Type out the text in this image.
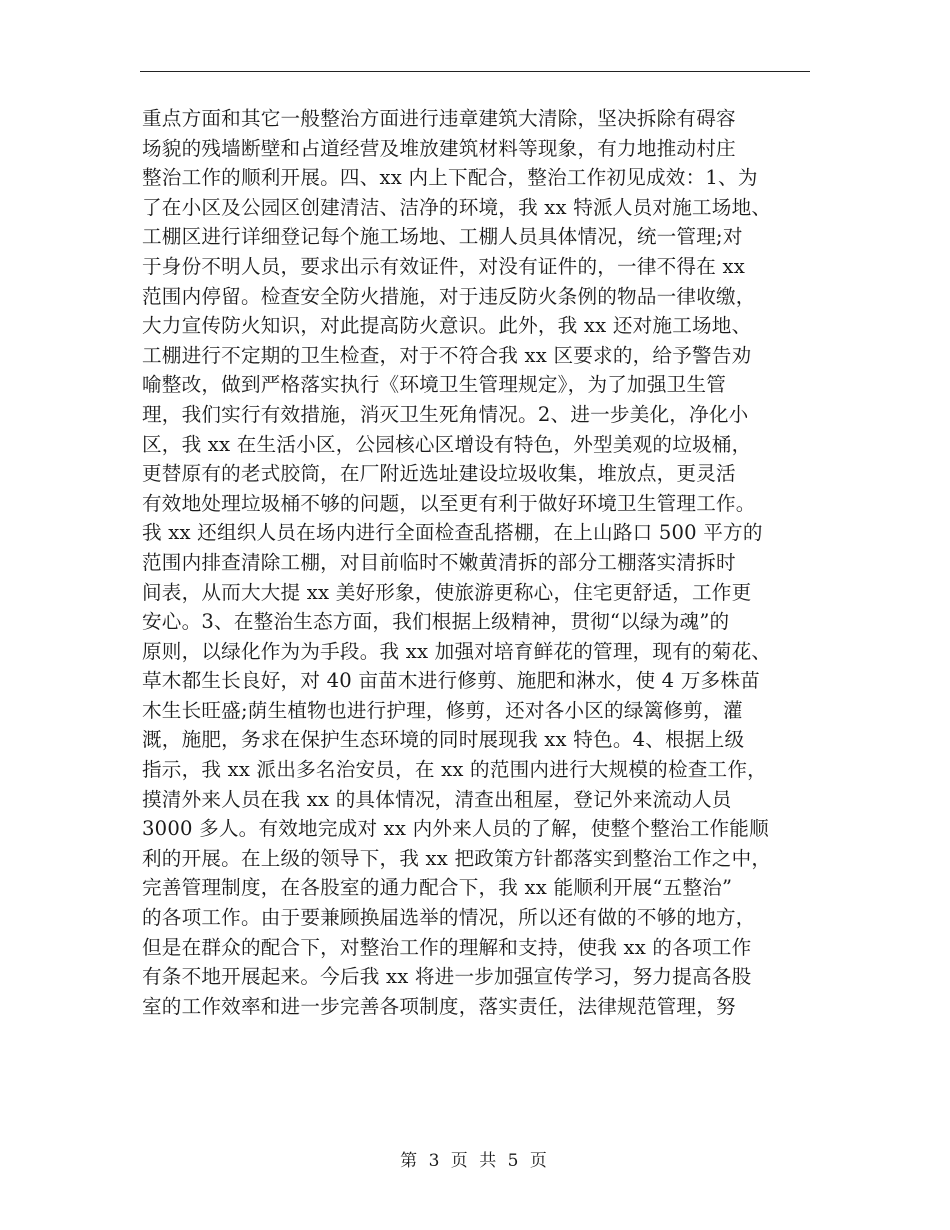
重点方面和其它一般整治方面进行违章建筑大清除，坚决拆除有碍容
场貌的残墙断壁和占道经营及堆放建筑材料等现象，有力地推动村庄
整治工作的顺利开展。四、xx 内上下配合，整治工作初见成效：1、为
了在小区及公园区创建清洁、洁净的环境，我 xx 特派人员对施工场地、
工棚区进行详细登记每个施工场地、工棚人员具体情况，统一管理;对
于身份不明人员，要求出示有效证件，对没有证件的，一律不得在 xx
范围内停留。检查安全防火措施，对于违反防火条例的物品一律收缴，
大力宣传防火知识，对此提高防火意识。此外，我 xx 还对施工场地、
工棚进行不定期的卫生检查，对于不符合我 xx 区要求的，给予警告劝
喻整改，做到严格落实执行《环境卫生管理规定》，为了加强卫生管
理，我们实行有效措施，消灭卫生死角情况。2、进一步美化，净化小
区，我 xx 在生活小区，公园核心区增设有特色，外型美观的垃圾桶，
更替原有的老式胶筒，在厂附近选址建设垃圾收集，堆放点，更灵活
有效地处理垃圾桶不够的问题，以至更有利于做好环境卫生管理工作。
我 xx 还组织人员在场内进行全面检查乱搭棚，在上山路口 500 平方的
范围内排查清除工棚，对目前临时不嫩黄清拆的部分工棚落实清拆时
间表，从而大大提 xx 美好形象，使旅游更称心，住宅更舒适，工作更
安心。3、在整治生态方面，我们根据上级精神，贯彻“以绿为魂”的
原则，以绿化作为为手段。我 xx 加强对培育鲜花的管理，现有的菊花、
草木都生长良好，对 40 亩苗木进行修剪、施肥和淋水，使 4 万多株苗
木生长旺盛;荫生植物也进行护理，修剪，还对各小区的绿篱修剪，灌
溉，施肥，务求在保护生态环境的同时展现我 xx 特色。4、根据上级
指示，我 xx 派出多名治安员，在 xx 的范围内进行大规模的检查工作，
摸清外来人员在我 xx 的具体情况，清查出租屋，登记外来流动人员
3000 多人。有效地完成对 xx 内外来人员的了解，使整个整治工作能顺
利的开展。在上级的领导下，我 xx 把政策方针都落实到整治工作之中，
完善管理制度，在各股室的通力配合下，我 xx 能顺利开展“五整治”
的各项工作。由于要兼顾换届选举的情况，所以还有做的不够的地方，
但是在群众的配合下，对整治工作的理解和支持，使我 xx 的各项工作
有条不地开展起来。今后我 xx 将进一步加强宣传学习，努力提高各股
室的工作效率和进一步完善各项制度，落实责任，法律规范管理，努
第 3 页 共 5 页
